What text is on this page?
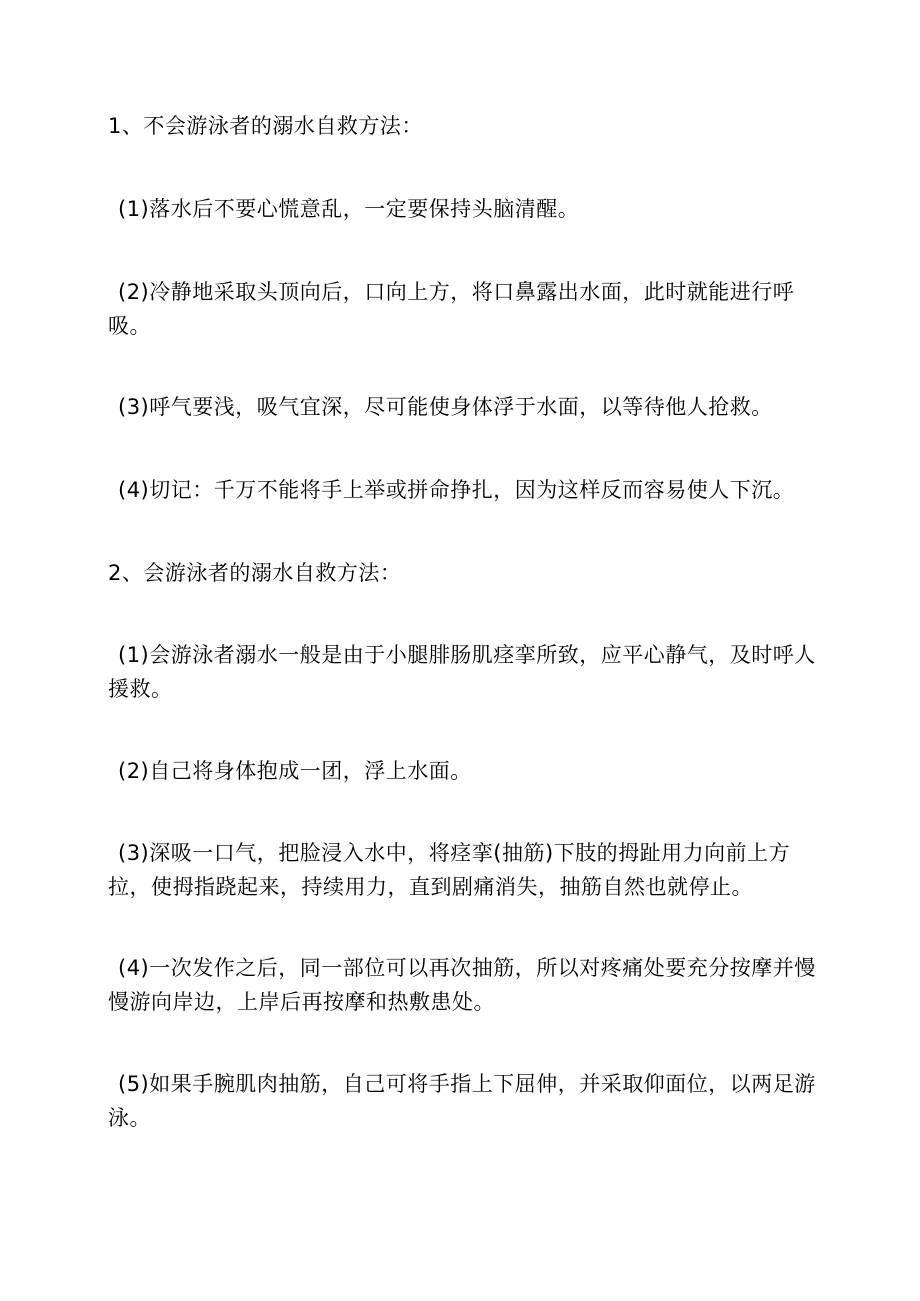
1、不会游泳者的溺水自救方法：
(1)落水后不要心慌意乱，一定要保持头脑清醒。
(2)冷静地采取头顶向后，口向上方，将口鼻露出水面，此时就能进行呼
吸。
(3)呼气要浅，吸气宜深，尽可能使身体浮于水面，以等待他人抢救。
(4)切记：千万不能将手上举或拼命挣扎，因为这样反而容易使人下沉。
2、会游泳者的溺水自救方法：
(1)会游泳者溺水一般是由于小腿腓肠肌痉挛所致，应平心静气，及时呼人
援救。
(2)自己将身体抱成一团，浮上水面。
(3)深吸一口气，把脸浸入水中，将痉挛(抽筋)下肢的拇趾用力向前上方
拉，使拇指跷起来，持续用力，直到剧痛消失，抽筋自然也就停止。
(4)一次发作之后，同一部位可以再次抽筋，所以对疼痛处要充分按摩并慢
慢游向岸边，上岸后再按摩和热敷患处。
(5)如果手腕肌肉抽筋，自己可将手指上下屈伸，并采取仰面位，以两足游
泳。
